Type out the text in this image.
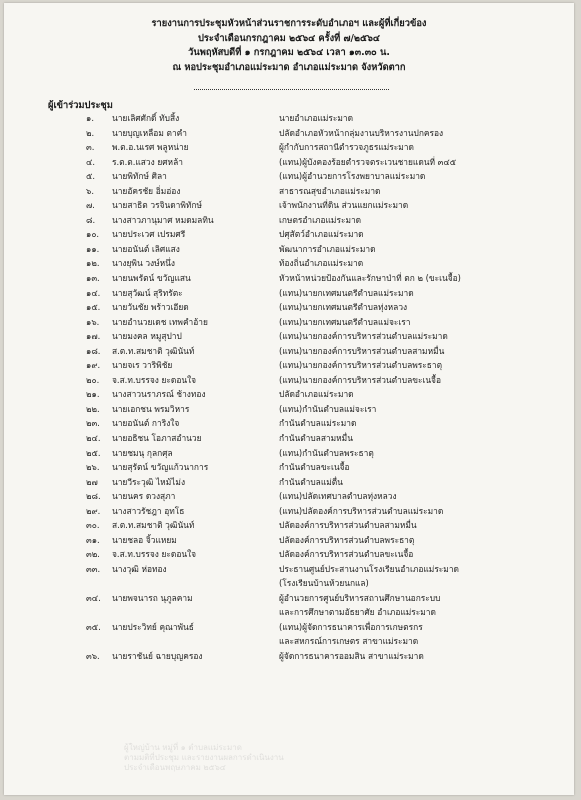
รายงานการประชุมหัวหน้าส่วนราชการระดับอำเภอฯ และผู้ที่เกี่ยวข้อง
ประจำเดือนกรกฎาคม ๒๕๖๔ ครั้งที่ ๗/๒๕๖๔
วันพฤหัสบดีที่ ๑ กรกฎาคม ๒๕๖๔ เวลา ๑๓.๓๐ น.
ณ หอประชุมอำเภอแม่ระมาด อำเภอแม่ระมาด จังหวัดตาก
ผู้เข้าร่วมประชุม
๑. นายเลิศศักดิ์ ทับสิ้ง	นายอำเภอแม่ระมาด
๒. นายบุญเหลือม ตาคำ	ปลัดอำเภอหัวหน้ากลุ่มงานบริหารงานปกครอง
๓. พ.ต.อ.นเรศ พลูหน่าย	ผู้กำกับการสถานีตำรวจภูธรแม่ระมาด
๔. ร.ต.ต.แสวง ยศหล้า	(แทน)ผู้บังคองร้อยตำรวจตระเวนชายแดนที่ ๓๔๕
๕. นายพิทักษ์ ศิลา	(แทน)ผู้อำนวยการโรงพยาบาลแม่ระมาด
๖. นายอัครชัย อิ่มอ่อง	สาธารณสุขอำเภอแม่ระมาด
๗. นายสาธิต วรจินดาพิทักษ์	เจ้าพนักงานที่ดิน ส่วนแยกแม่ระมาด
๘. นางสาวภานุมาศ หมดมลทิน	เกษตรอำเภอแม่ระมาด
๑๐. นายประเวศ เปรมศรี	ปศุสัตว์อำเภอแม่ระมาด
๑๑. นายอนันต์ เลิศแสง	พัฒนาการอำเภอแม่ระมาด
๑๒. นางยุพิน วงษ์หนึ่ง	ท้องถิ่นอำเภอแม่ระมาด
๑๓. นายนพรัตน์ ขวัญแสน	หัวหน้าหน่วยป้องกันและรักษาป่าที่ ตก ๒ (ขะเนจื้อ)
๑๔. นายสุวัฒน์ สุริทรัตะ	(แทน)นายกเทศมนตรีตำบลแม่ระมาด
๑๕. นายวันชัย พร้าวเอียด	(แทน)นายกเทศมนตรีตำบลทุ่งหลวง
๑๖. นายอำนวยเดช เทพคำอ้าย	(แทน)นายกเทศมนตรีตำบลแม่จะเรา
๑๗. นายมงคล หมูสุปาป	(แทน)นายกองค์การบริหารส่วนตำบลแม่ระมาด
๑๘. ส.ต.ท.สมชาติ วุฒินันท์	(แทน)นายกองค์การบริหารส่วนตำบลสามหมื่น
๑๙. นายจเร วาริพิชัย	(แทน)นายกองค์การบริหารส่วนตำบลพระธาตุ
๒๐. จ.ส.ท.บรรจง ยะดอนใจ	(แทน)นายกองค์การบริหารส่วนตำบลขะเนจื้อ
๒๑. นางสาวนราภรณ์ ช้างทอง	ปลัดอำเภอแม่ระมาด
๒๒. นายเอกชน พรมวิหาร	(แทน)กำนันตำบลแม่จะเรา
๒๓. นายอนันต์ การิงใจ	กำนันตำบลแม่ระมาด
๒๔. นายอธิชน โอภาสอำนวย	กำนันตำบลสามหมื่น
๒๕. นายชมนุ กุลกศุล	(แทน)กำนันตำบลพระธาตุ
๒๖. นายสุรัตน์ ขวัญแก้วนาการ	กำนันตำบลขะเนจื้อ
๒๗ นายวีระวุฒิ ไหม้ไม่ง	กำนันตำบลแม่ตื่น
๒๘. นายนคร ดวงสุภา	(แทน)ปลัดเทศบาลตำบลทุ่งหลวง
๒๙. นางสาวรัชฎา อุทโธ	(แทน)ปลัดองค์การบริหารส่วนตำบลแม่ระมาด
๓๐. ส.ต.ท.สมชาติ วุฒินันท์	ปลัดองค์การบริหารส่วนตำบลสามหมื่น
๓๑. นายชลอ จิ้วแหยม	ปลัดองค์การบริหารส่วนตำบลพระธาตุ
๓๒. จ.ส.ท.บรรจง ยะดอนใจ	ปลัดองค์การบริหารส่วนตำบลขะเนจื้อ
๓๓. นางวุฒิ ห่อทอง	ประธานศูนย์ประสานงานโรงเรียนอำเภอแม่ระมาด
(โรงเรียนบ้านห้วยนกแล)
๓๔. นายพจนารถ นุภูลคาม	ผู้อำนวยการศูนย์บริหารสถานศึกษานอกระบบ
และการศึกษาตามอัธยาศัย อำเภอแม่ระมาด
๓๕. นายประวิทย์ คุณาพันธ์	(แทน)ผู้จัดการธนาคารเพื่อการเกษตรกร
และสหกรณ์การเกษตร สาขาแม่ระมาด
๓๖. นายราชันย์ ฉายบุญครอง	ผู้จัดการธนาคารออมสิน สาขาแม่ระมาด
ผู้ใหญ่บ้าน หมู่ที่ ๑ ตำบลแม่ระมาด
ตามมติที่ประชุม และรายงานผลการดำเนินงาน
ประจำเดือนพฤษภาคม ๒๕๖๔
